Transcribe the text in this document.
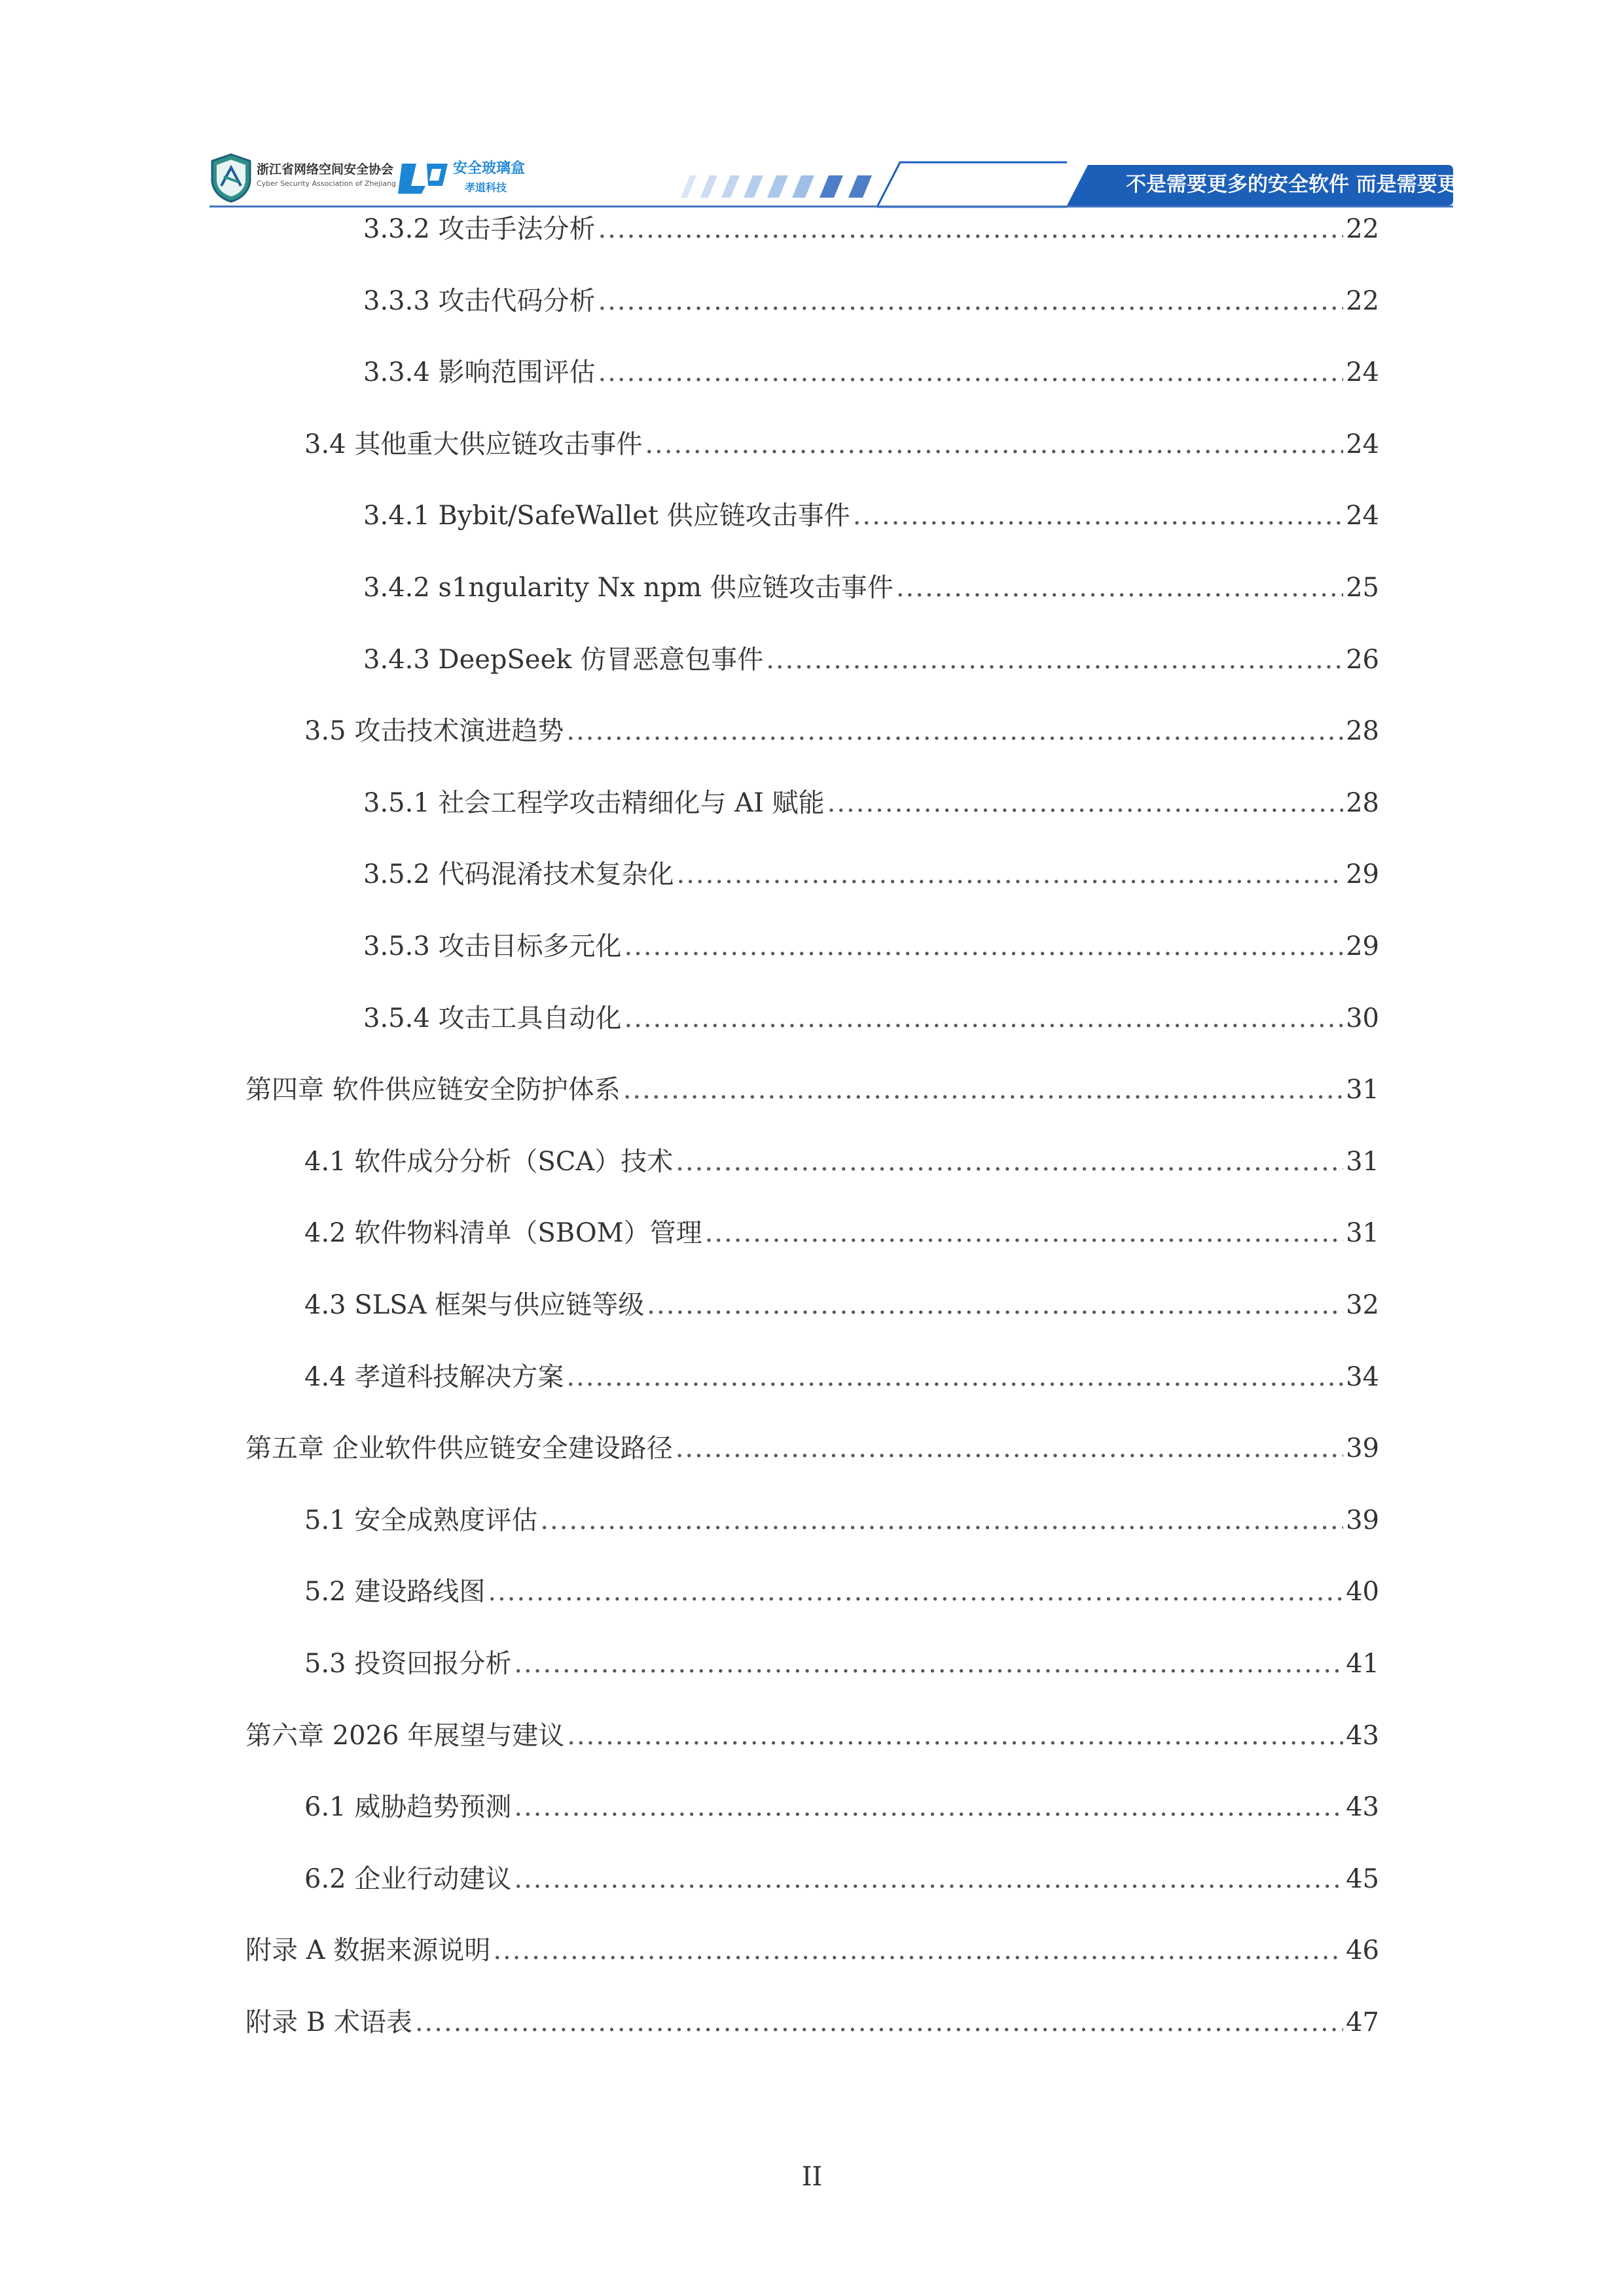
浙江省网络空间安全协会
Cyber Security Association of Zhejiang
安全玻璃盒
孝道科技	不是需要更多的安全软件 而是需要更安全的软件
3.3.2 攻击手法分析 .....	22
3.3.3 攻击代码分析 .....	22
3.3.4 影响范围评估 .....	24
3.4 其他重大供应链攻击事件 .....	24
3.4.1 Bybit/SafeWallet 供应链攻击事件 .....	24
3.4.2 s1ngularity Nx npm 供应链攻击事件 .....	25
3.4.3 DeepSeek 仿冒恶意包事件 .....	26
3.5 攻击技术演进趋势 .....	28
3.5.1 社会工程学攻击精细化与 AI 赋能 .....	28
3.5.2 代码混淆技术复杂化 .....	29
3.5.3 攻击目标多元化 .....	29
3.5.4 攻击工具自动化 .....	30
第四章 软件供应链安全防护体系 .....	31
4.1 软件成分分析（SCA）技术 .....	31
4.2 软件物料清单（SBOM）管理 .....	31
4.3 SLSA 框架与供应链等级 .....	32
4.4 孝道科技解决方案 .....	34
第五章 企业软件供应链安全建设路径 .....	39
5.1 安全成熟度评估 .....	39
5.2 建设路线图 .....	40
5.3 投资回报分析 .....	41
第六章 2026 年展望与建议 .....	43
6.1 威胁趋势预测 .....	43
6.2 企业行动建议 .....	45
附录 A 数据来源说明 .....	46
附录 B 术语表 .....	47
II
